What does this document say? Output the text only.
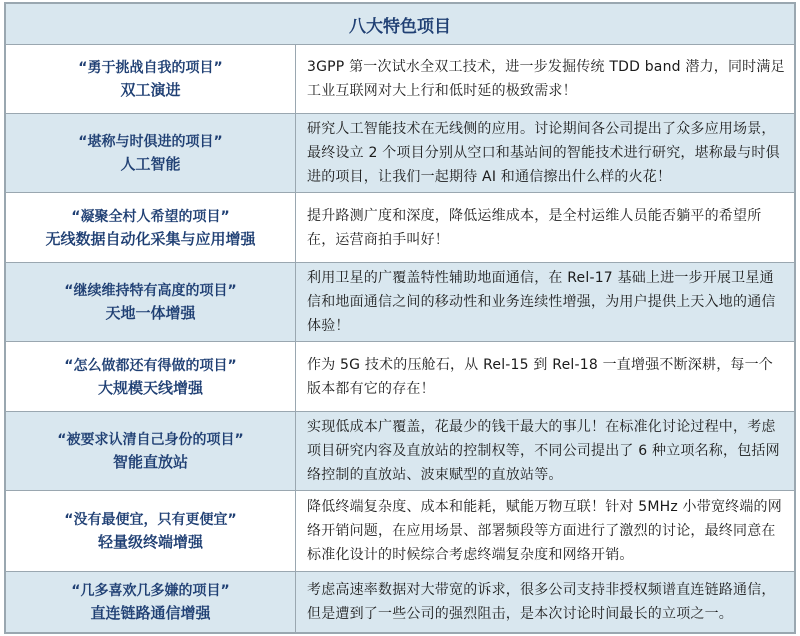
八大特色项目	

“勇于挑战自我的项目”
双工演进	3GPP 第一次试水全双工技术，进一步发掘传统 TDD band 潜力，同时满足工业互联网对大上行和低时延的极致需求！

“堪称与时俱进的项目”
人工智能	研究人工智能技术在无线侧的应用。讨论期间各公司提出了众多应用场景，最终设立 2 个项目分别从空口和基站间的智能技术进行研究，堪称最与时俱进的项目，让我们一起期待 AI 和通信擦出什么样的火花！

“凝聚全村人希望的项目”
无线数据自动化采集与应用增强	提升路测广度和深度，降低运维成本，是全村运维人员能否躺平的希望所在，运营商拍手叫好！

“继续维持特有高度的项目”
天地一体增强	利用卫星的广覆盖特性辅助地面通信，在 Rel-17 基础上进一步开展卫星通信和地面通信之间的移动性和业务连续性增强，为用户提供上天入地的通信体验！

“怎么做都还有得做的项目”
大规模天线增强	作为 5G 技术的压舱石，从 Rel-15 到 Rel-18 一直增强不断深耕，每一个版本都有它的存在！

“被要求认清自己身份的项目”
智能直放站	实现低成本广覆盖，花最少的钱干最大的事儿！在标准化讨论过程中，考虑项目研究内容及直放站的控制权等，不同公司提出了 6 种立项名称，包括网络控制的直放站、波束赋型的直放站等。

“没有最便宜，只有更便宜”
轻量级终端增强	降低终端复杂度、成本和能耗，赋能万物互联！针对 5MHz 小带宽终端的网络开销问题，在应用场景、部署频段等方面进行了激烈的讨论，最终同意在标准化设计的时候综合考虑终端复杂度和网络开销。

“几多喜欢几多嫌的项目”
直连链路通信增强	考虑高速率数据对大带宽的诉求，很多公司支持非授权频谱直连链路通信，但是遭到了一些公司的强烈阻击，是本次讨论时间最长的立项之一。
